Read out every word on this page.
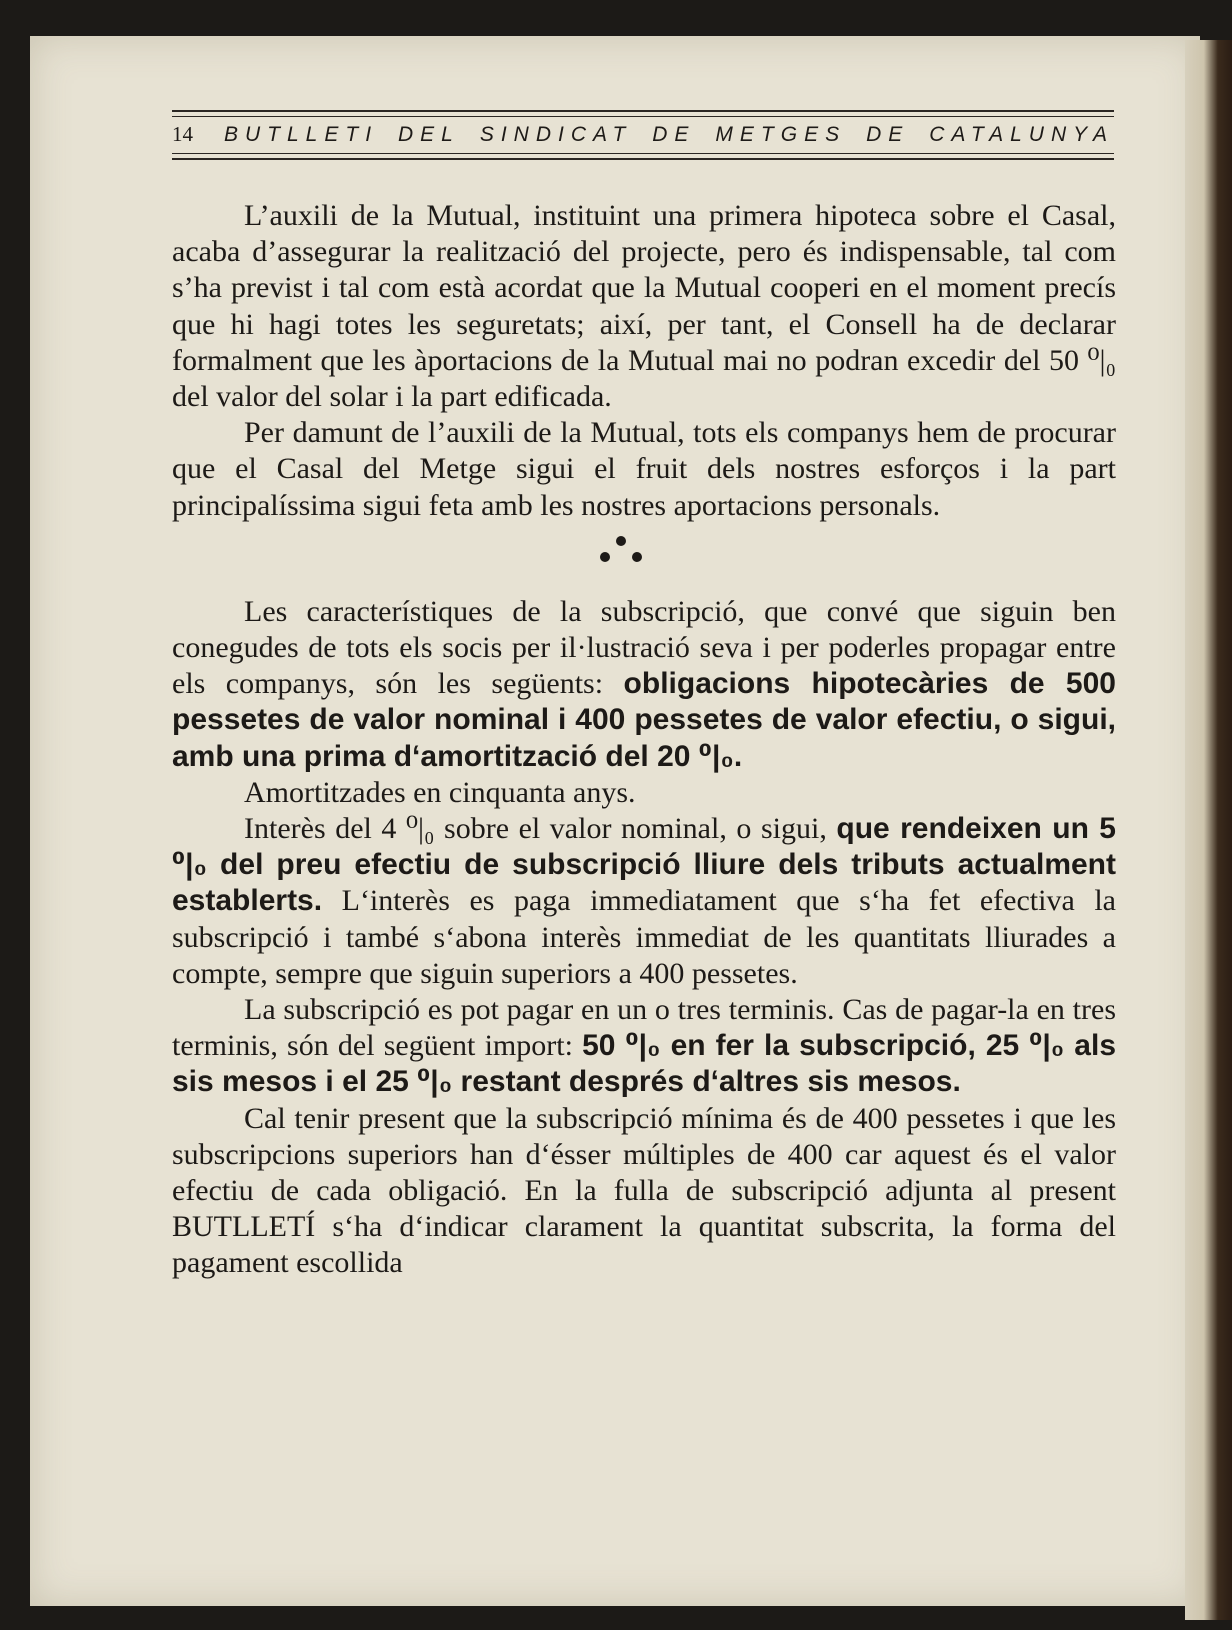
14	BUTLLETI DEL SINDICAT DE METGES DE CATALUNYA

L’auxili de la Mutual, instituint una primera hipoteca sobre el Casal, acaba d’assegurar la realització del projecte, pero és indispensable, tal com s’ha previst i tal com està acordat que la Mutual cooperi en el moment precís que hi hagi totes les seguretats; així, per tant, el Consell ha de declarar formalment que les àportacions de la Mutual mai no podran excedir del 50 ⁰|₀ del valor del solar i la part edificada.

Per damunt de l’auxili de la Mutual, tots els companys hem de procurar que el Casal del Metge sigui el fruit dels nostres esforços i la part principalíssima sigui feta amb les nostres aportacions personals.

Les característiques de la subscripció, que convé que siguin ben conegudes de tots els socis per il·lustració seva i per poderles propagar entre els companys, són les següents: obligacions hipotecàries de 500 pessetes de valor nominal i 400 pessetes de valor efectiu, o sigui, amb una prima d‘amortització del 20 ⁰|₀.

Amortitzades en cinquanta anys.

Interès del 4 ⁰|₀ sobre el valor nominal, o sigui, que rendeixen un 5 ⁰|₀ del preu efectiu de subscripció lliure dels tributs actualment establerts. L‘interès es paga immediatament que s‘ha fet efectiva la subscripció i també s‘abona interès immediat de les quantitats lliurades a compte, sempre que siguin superiors a 400 pessetes.

La subscripció es pot pagar en un o tres terminis. Cas de pagar-la en tres terminis, són del següent import: 50 ⁰|₀ en fer la subscripció, 25 ⁰|₀ als sis mesos i el 25 ⁰|₀ restant després d‘altres sis mesos.

Cal tenir present que la subscripció mínima és de 400 pessetes i que les subscripcions superiors han d‘ésser múltiples de 400 car aquest és el valor efectiu de cada obligació. En la fulla de subscripció adjunta al present BUTLLETÍ s‘ha d‘indicar clarament la quantitat subscrita, la forma del pagament escollida
